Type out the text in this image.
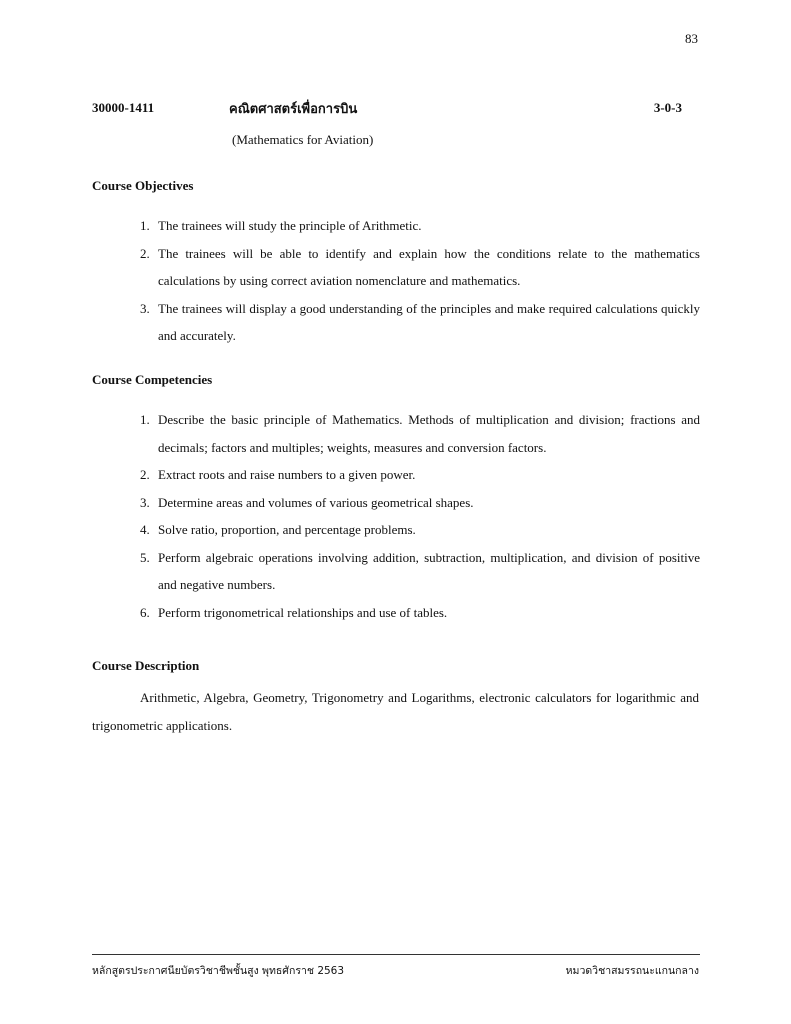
83
30000-1411	คณิตศาสตร์เพื่อการบิน	3-0-3
(Mathematics for Aviation)
Course Objectives
1. The trainees will study the principle of Arithmetic.
2. The trainees will be able to identify and explain how the conditions relate to the mathematics calculations by using correct aviation nomenclature and mathematics.
3. The trainees will display a good understanding of the principles and make required calculations quickly and accurately.
Course Competencies
1. Describe the basic principle of Mathematics. Methods of multiplication and division; fractions and decimals; factors and multiples; weights, measures and conversion factors.
2. Extract roots and raise numbers to a given power.
3. Determine areas and volumes of various geometrical shapes.
4. Solve ratio, proportion, and percentage problems.
5. Perform algebraic operations involving addition, subtraction, multiplication, and division of positive and negative numbers.
6. Perform trigonometrical relationships and use of tables.
Course Description

Arithmetic, Algebra, Geometry, Trigonometry and Logarithms, electronic calculators for logarithmic and trigonometric applications.

หลักสูตรประกาศนียบัตรวิชาชีพชั้นสูง พุทธศักราช 2563	หมวดวิชาสมรรถนะแกนกลาง
